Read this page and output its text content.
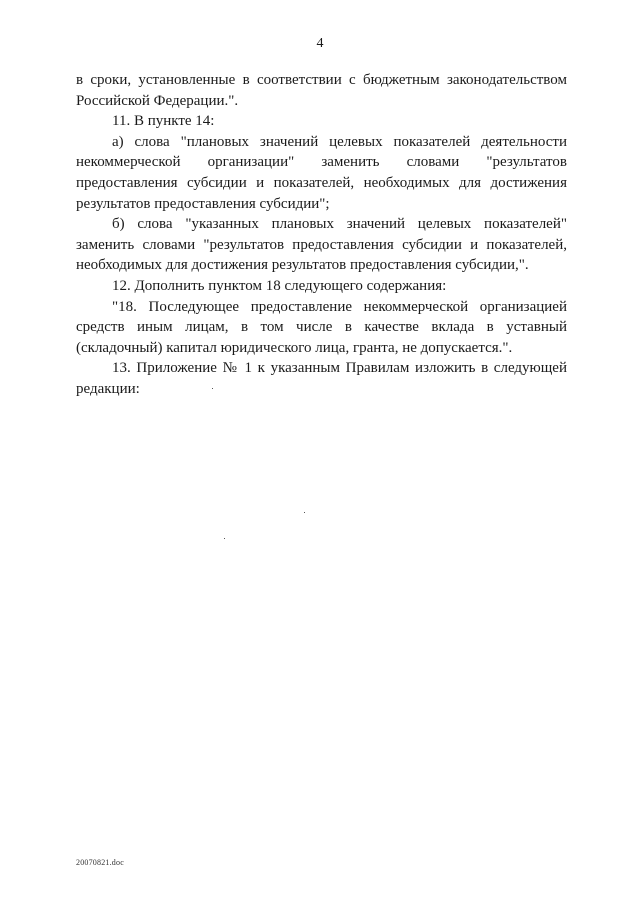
4
в сроки, установленные в соответствии с бюджетным законодательством
Российской Федерации.".
11. В пункте 14:
а) слова "плановых значений целевых показателей деятельности
некоммерческой организации" заменить словами "результатов
предоставления субсидии и показателей, необходимых для достижения
результатов предоставления субсидии";
б) слова "указанных плановых значений целевых показателей"
заменить словами "результатов предоставления субсидии и показателей,
необходимых для достижения результатов предоставления субсидии,".
12. Дополнить пунктом 18 следующего содержания:
"18. Последующее предоставление некоммерческой организацией
средств иным лицам, в том числе в качестве вклада в уставный
(складочный) капитал юридического лица, гранта, не допускается.".
13. Приложение № 1 к указанным Правилам изложить в следующей
редакции:
20070821.doc
